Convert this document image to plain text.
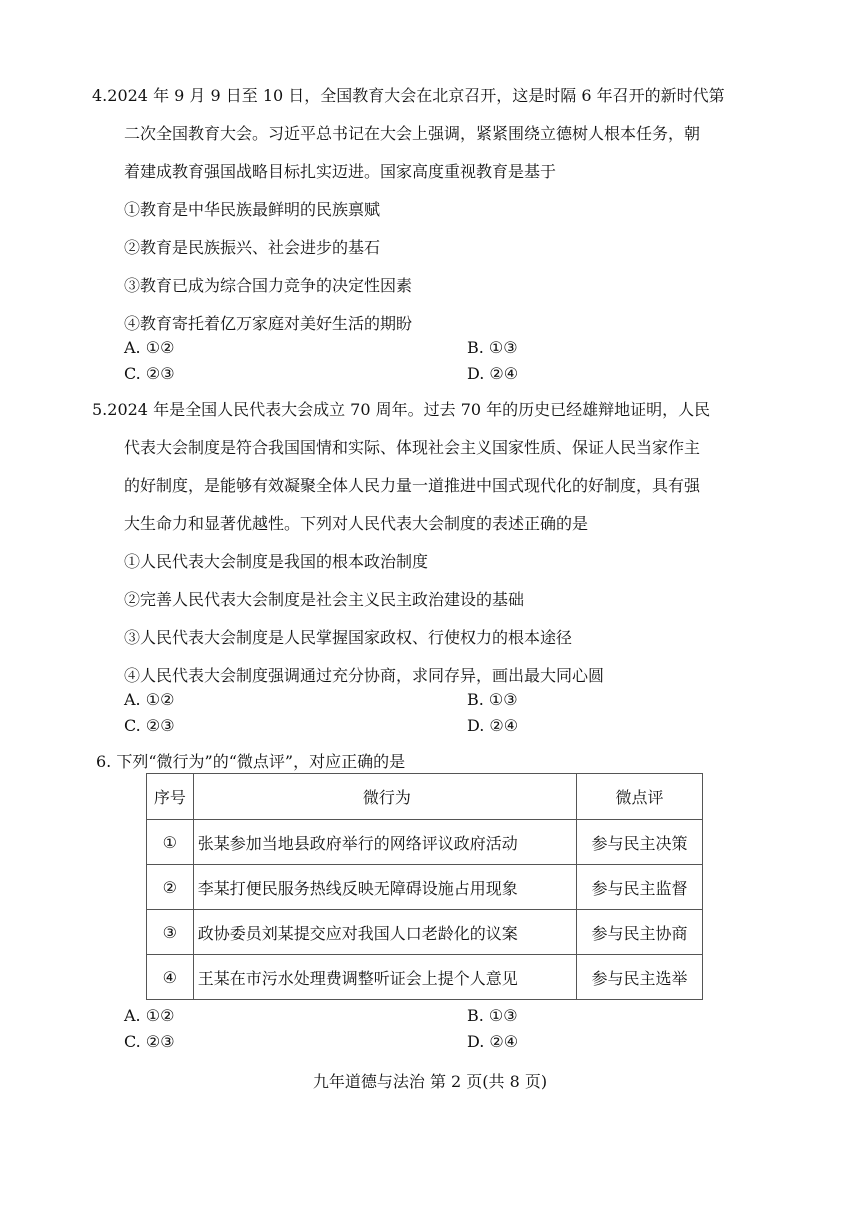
4.2024 年 9 月 9 日至 10 日，全国教育大会在北京召开，这是时隔 6 年召开的新时代第
二次全国教育大会。习近平总书记在大会上强调，紧紧围绕立德树人根本任务，朝
着建成教育强国战略目标扎实迈进。国家高度重视教育是基于
①教育是中华民族最鲜明的民族禀赋
②教育是民族振兴、社会进步的基石
③教育已成为综合国力竞争的决定性因素
④教育寄托着亿万家庭对美好生活的期盼
A. ①②	B. ①③
C. ②③	D. ②④
5.2024 年是全国人民代表大会成立 70 周年。过去 70 年的历史已经雄辩地证明，人民
代表大会制度是符合我国国情和实际、体现社会主义国家性质、保证人民当家作主
的好制度，是能够有效凝聚全体人民力量一道推进中国式现代化的好制度，具有强
大生命力和显著优越性。下列对人民代表大会制度的表述正确的是
①人民代表大会制度是我国的根本政治制度
②完善人民代表大会制度是社会主义民主政治建设的基础
③人民代表大会制度是人民掌握国家政权、行使权力的根本途径
④人民代表大会制度强调通过充分协商，求同存异，画出最大同心圆
A. ①②	B. ①③
C. ②③	D. ②④
6. 下列“微行为”的“微点评”，对应正确的是
序号	微行为	微点评
①	张某参加当地县政府举行的网络评议政府活动	参与民主决策
②	李某打便民服务热线反映无障碍设施占用现象	参与民主监督
③	政协委员刘某提交应对我国人口老龄化的议案	参与民主协商
④	王某在市污水处理费调整听证会上提个人意见	参与民主选举
A. ①②	B. ①③
C. ②③	D. ②④
九年道德与法治 第 2 页(共 8 页)
